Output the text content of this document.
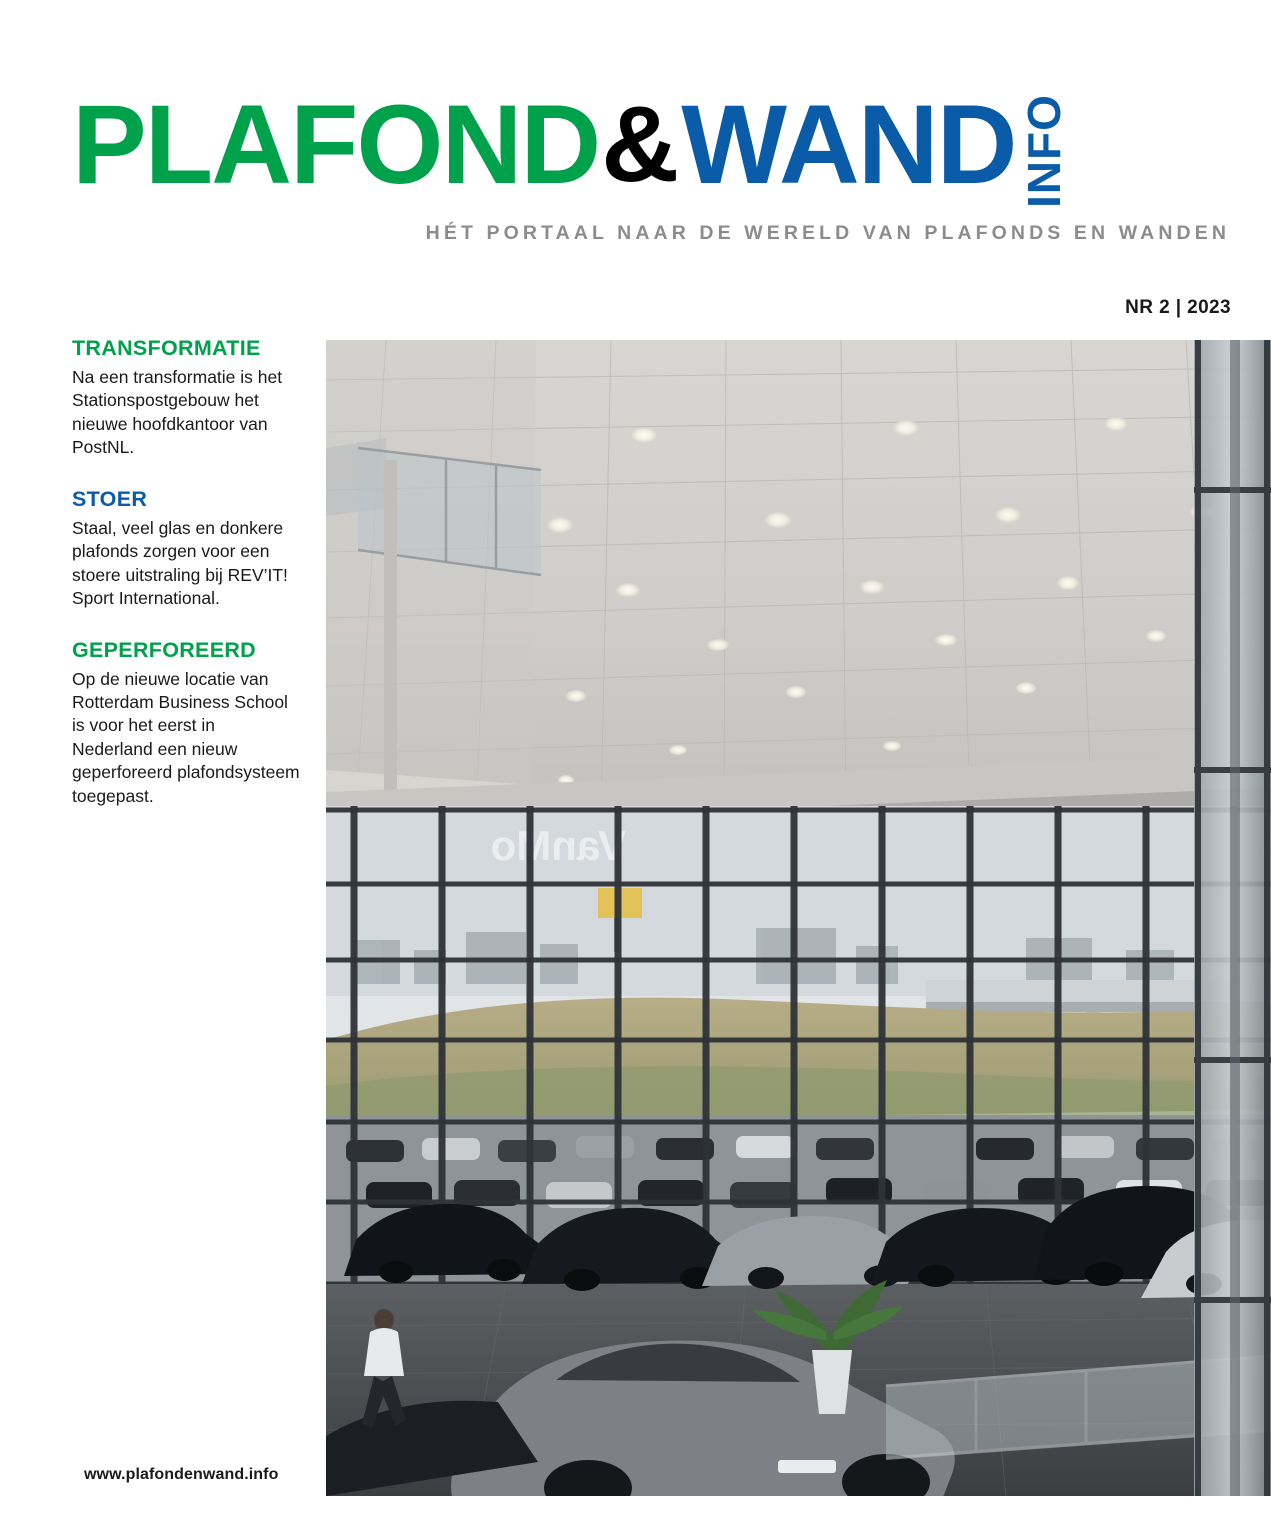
PLAFOND & WAND INFO
HÉT PORTAAL NAAR DE WERELD VAN PLAFONDS EN WANDEN
NR 2 | 2023
TRANSFORMATIE
Na een transformatie is het Stationspostgebouw het nieuwe hoofdkantoor van PostNL.
STOER
Staal, veel glas en donkere plafonds zorgen voor een stoere uitstraling bij REV’IT! Sport International.
GEPERFOREERD
Op de nieuwe locatie van Rotterdam Business School is voor het eerst in Nederland een nieuw geperforeerd plafondsysteem toegepast.
www.plafondenwand.info
VanMo
